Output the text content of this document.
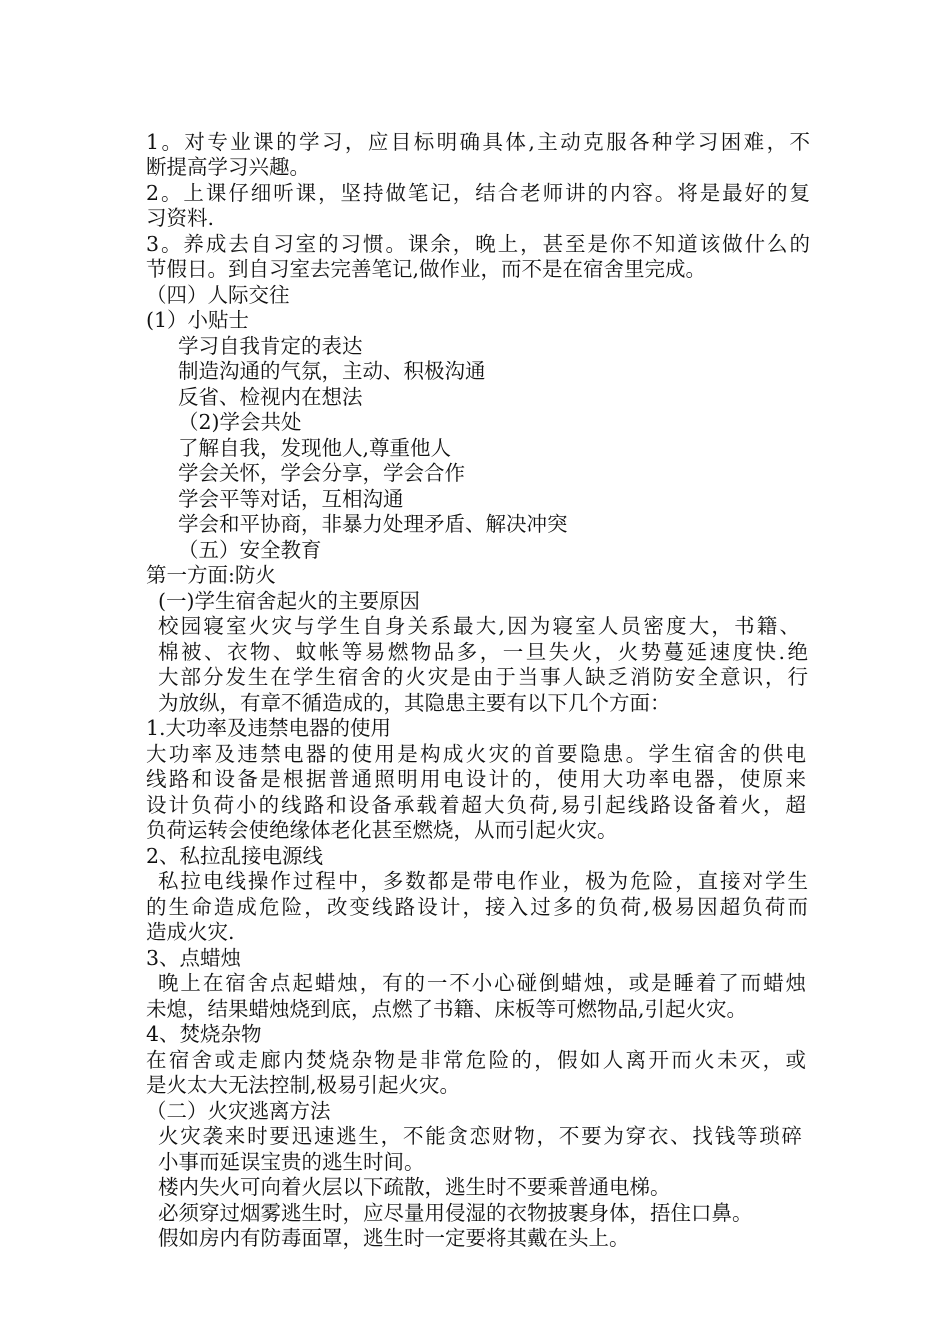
1。对专业课的学习，应目标明确具体,主动克服各种学习困难，不
断提高学习兴趣。
2。上课仔细听课，坚持做笔记，结合老师讲的内容。将是最好的复
习资料.
3。养成去自习室的习惯。课余，晚上，甚至是你不知道该做什么的
节假日。到自习室去完善笔记,做作业，而不是在宿舍里完成。
（四）人际交往
(1）小贴士
学习自我肯定的表达
制造沟通的气氛，主动、积极沟通
反省、检视内在想法
（2)学会共处
了解自我，发现他人,尊重他人
学会关怀，学会分享，学会合作
学会平等对话，互相沟通
学会和平协商，非暴力处理矛盾、解决冲突
（五）安全教育
第一方面:防火
(一)学生宿舍起火的主要原因
校园寝室火灾与学生自身关系最大,因为寝室人员密度大，书籍、
棉被、衣物、蚊帐等易燃物品多，一旦失火，火势蔓延速度快.绝
大部分发生在学生宿舍的火灾是由于当事人缺乏消防安全意识，行
为放纵，有章不循造成的，其隐患主要有以下几个方面：
1.大功率及违禁电器的使用
大功率及违禁电器的使用是构成火灾的首要隐患。学生宿舍的供电
线路和设备是根据普通照明用电设计的，使用大功率电器，使原来
设计负荷小的线路和设备承载着超大负荷,易引起线路设备着火，超
负荷运转会使绝缘体老化甚至燃烧，从而引起火灾。
2、私拉乱接电源线
私拉电线操作过程中，多数都是带电作业，极为危险，直接对学生
的生命造成危险，改变线路设计，接入过多的负荷,极易因超负荷而
造成火灾.
3、点蜡烛
晚上在宿舍点起蜡烛，有的一不小心碰倒蜡烛，或是睡着了而蜡烛
未熄，结果蜡烛烧到底，点燃了书籍、床板等可燃物品,引起火灾。
4、焚烧杂物
在宿舍或走廊内焚烧杂物是非常危险的，假如人离开而火未灭，或
是火太大无法控制,极易引起火灾。
（二）火灾逃离方法
火灾袭来时要迅速逃生，不能贪恋财物，不要为穿衣、找钱等琐碎
小事而延误宝贵的逃生时间。
楼内失火可向着火层以下疏散，逃生时不要乘普通电梯。
必须穿过烟雾逃生时，应尽量用侵湿的衣物披裹身体，捂住口鼻。
假如房内有防毒面罩，逃生时一定要将其戴在头上。
